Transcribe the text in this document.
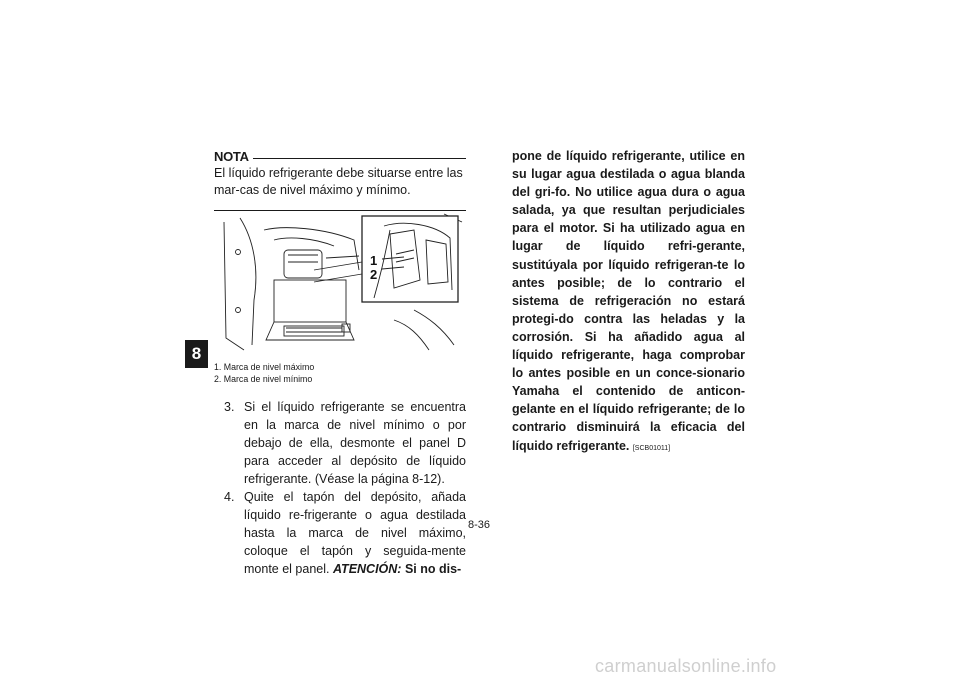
8
NOTA

El líquido refrigerante debe situarse entre las mar-cas de nivel máximo y mínimo.

1
2
1. Marca de nivel máximo
2. Marca de nivel mínimo
3. Si el líquido refrigerante se encuentra en la marca de nivel mínimo o por debajo de ella, desmonte el panel D para acceder al depósito de líquido refrigerante. (Véase la página 8-12).
4. Quite el tapón del depósito, añada líquido re-frigerante o agua destilada hasta la marca de nivel máximo, coloque el tapón y seguida-mente monte el panel. ATENCIÓN: Si no dis-
pone de líquido refrigerante, utilice en su lugar agua destilada o agua blanda del gri-fo. No utilice agua dura o agua salada, ya que resultan perjudiciales para el motor. Si ha utilizado agua en lugar de líquido refri-gerante, sustitúyala por líquido refrigeran-te lo antes posible; de lo contrario el sistema de refrigeración no estará protegi-do contra las heladas y la corrosión. Si ha añadido agua al líquido refrigerante, haga comprobar lo antes posible en un conce-sionario Yamaha el contenido de anticon-gelante en el líquido refrigerante; de lo contrario disminuirá la eficacia del líquido refrigerante. [SCB01011]
8-36
carmanualsonline.info
